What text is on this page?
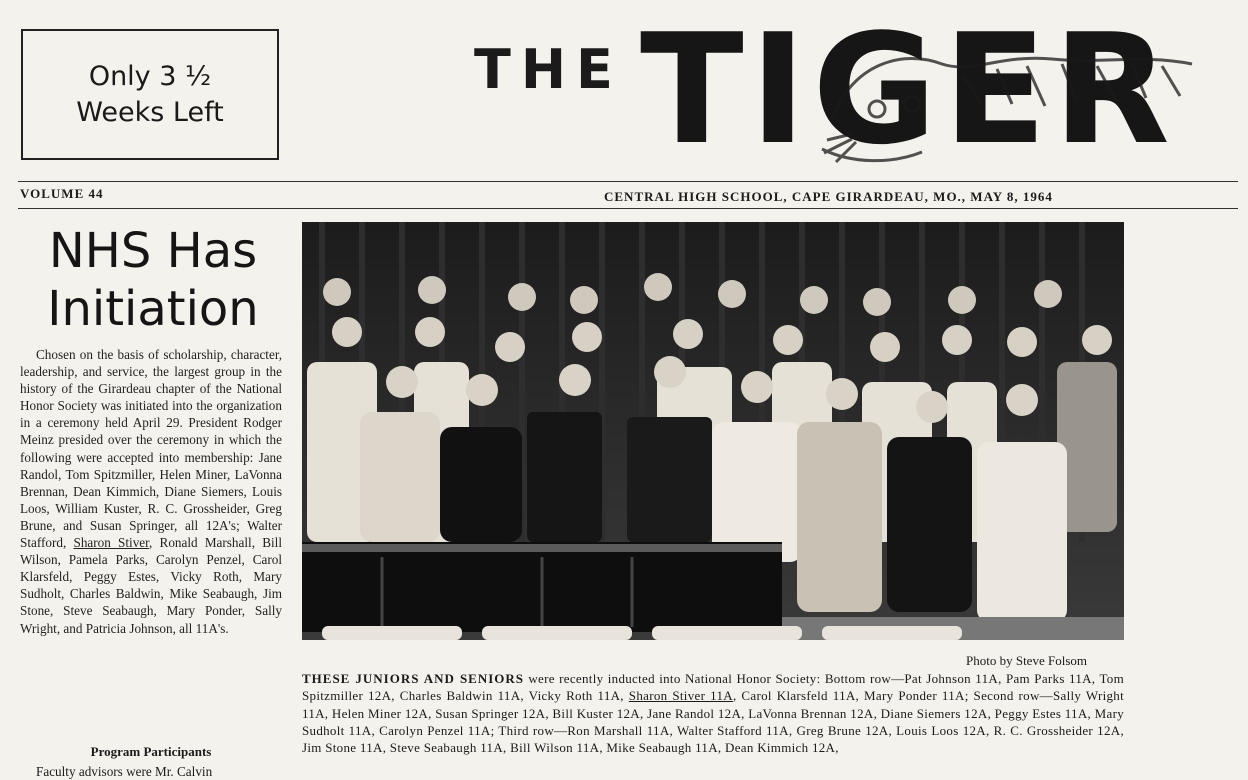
Only 3 ½
Weeks Left
THE TIGER
VOLUME 44	CENTRAL HIGH SCHOOL, CAPE GIRARDEAU, MO., MAY 8, 1964
NHS Has
Initiation

Chosen on the basis of scholarship, character, leadership, and service, the largest group in the history of the Girardeau chapter of the National Honor Society was initiated into the organization in a ceremony held April 29. President Rodger Meinz presided over the ceremony in which the following were accepted into membership: Jane Randol, Tom Spitzmiller, Helen Miner, LaVonna Brennan, Dean Kimmich, Diane Siemers, Louis Loos, William Kuster, R. C. Grossheider, Greg Brune, and Susan Springer, all 12A's; Walter Stafford, Sharon Stiver, Ronald Marshall, Bill Wilson, Pamela Parks, Carolyn Penzel, Carol Klarsfeld, Peggy Estes, Vicky Roth, Mary Sudholt, Charles Baldwin, Mike Seabaugh, Jim Stone, Steve Seabaugh, Mary Ponder, Sally Wright, and Patricia Johnson, all 11A's.

Program Participants
Faculty advisors were Mr. Calvin
Photo by Steve Folsom
THESE JUNIORS AND SENIORS were recently inducted into National Honor Society: Bottom row—Pat Johnson 11A, Pam Parks 11A, Tom Spitzmiller 12A, Charles Baldwin 11A, Vicky Roth 11A, Sharon Stiver 11A, Carol Klarsfeld 11A, Mary Ponder 11A; Second row—Sally Wright 11A, Helen Miner 12A, Susan Springer 12A, Bill Kuster 12A, Jane Randol 12A, LaVonna Brennan 12A, Diane Siemers 12A, Peggy Estes 11A, Mary Sudholt 11A, Carolyn Penzel 11A; Third row—Ron Marshall 11A, Walter Stafford 11A, Greg Brune 12A, Louis Loos 12A, R. C. Grossheider 12A, Jim Stone 11A, Steve Seabaugh 11A, Bill Wilson 11A, Mike Seabaugh 11A, Dean Kimmich 12A,
